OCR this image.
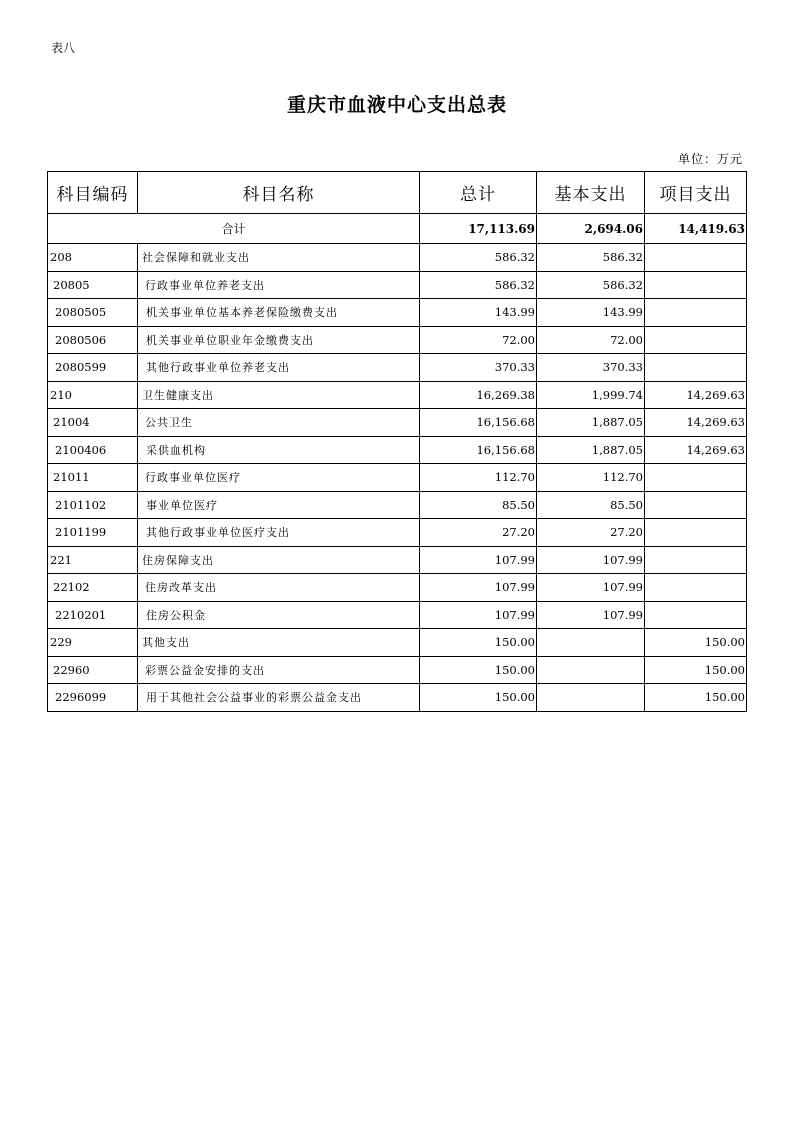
表八
重庆市血液中心支出总表
单位：万元
科目编码	科目名称	总计	基本支出	项目支出
合计		17,113.69	2,694.06	14,419.63
208	社会保障和就业支出	586.32	586.32	
20805	行政事业单位养老支出	586.32	586.32	
2080505	机关事业单位基本养老保险缴费支出	143.99	143.99	
2080506	机关事业单位职业年金缴费支出	72.00	72.00	
2080599	其他行政事业单位养老支出	370.33	370.33	
210	卫生健康支出	16,269.38	1,999.74	14,269.63
21004	公共卫生	16,156.68	1,887.05	14,269.63
2100406	采供血机构	16,156.68	1,887.05	14,269.63
21011	行政事业单位医疗	112.70	112.70	
2101102	事业单位医疗	85.50	85.50	
2101199	其他行政事业单位医疗支出	27.20	27.20	
221	住房保障支出	107.99	107.99	
22102	住房改革支出	107.99	107.99	
2210201	住房公积金	107.99	107.99	
229	其他支出	150.00		150.00
22960	彩票公益金安排的支出	150.00		150.00
2296099	用于其他社会公益事业的彩票公益金支出	150.00		150.00
